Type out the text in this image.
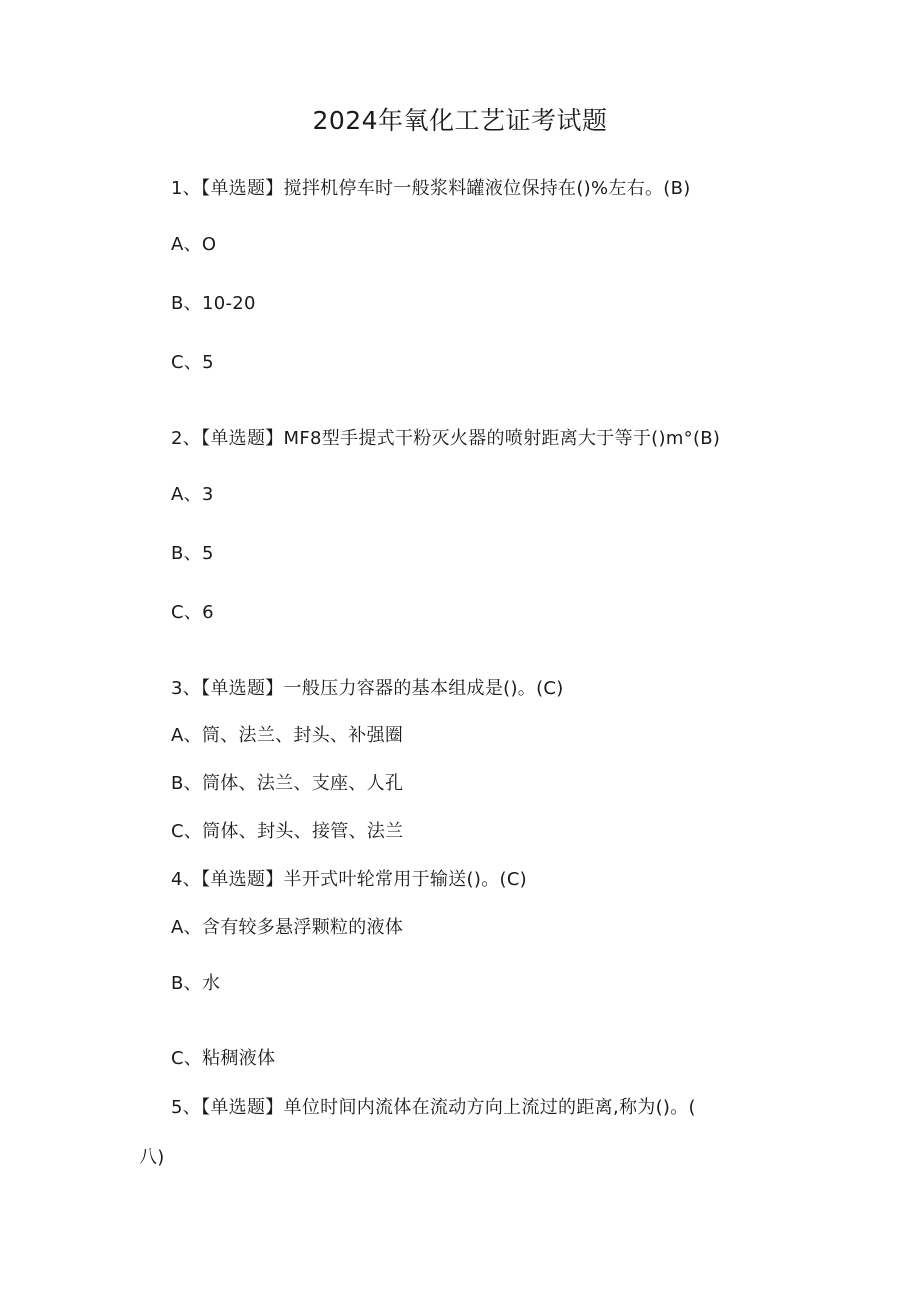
2024年氧化工艺证考试题
1、【单选题】搅拌机停车时一般浆料罐液位保持在()%左右。(B)
A、O
B、10-20
C、5
2、【单选题】MF8型手提式干粉灭火器的喷射距离大于等于()m°(B)
A、3
B、5
C、6
3、【单选题】一般压力容器的基本组成是()。(C)
A、筒、法兰、封头、补强圈
B、筒体、法兰、支座、人孔
C、筒体、封头、接管、法兰
4、【单选题】半开式叶轮常用于输送()。(C)
A、含有较多悬浮颗粒的液体
B、水
C、粘稠液体
5、【单选题】单位时间内流体在流动方向上流过的距离,称为()。(
八)
